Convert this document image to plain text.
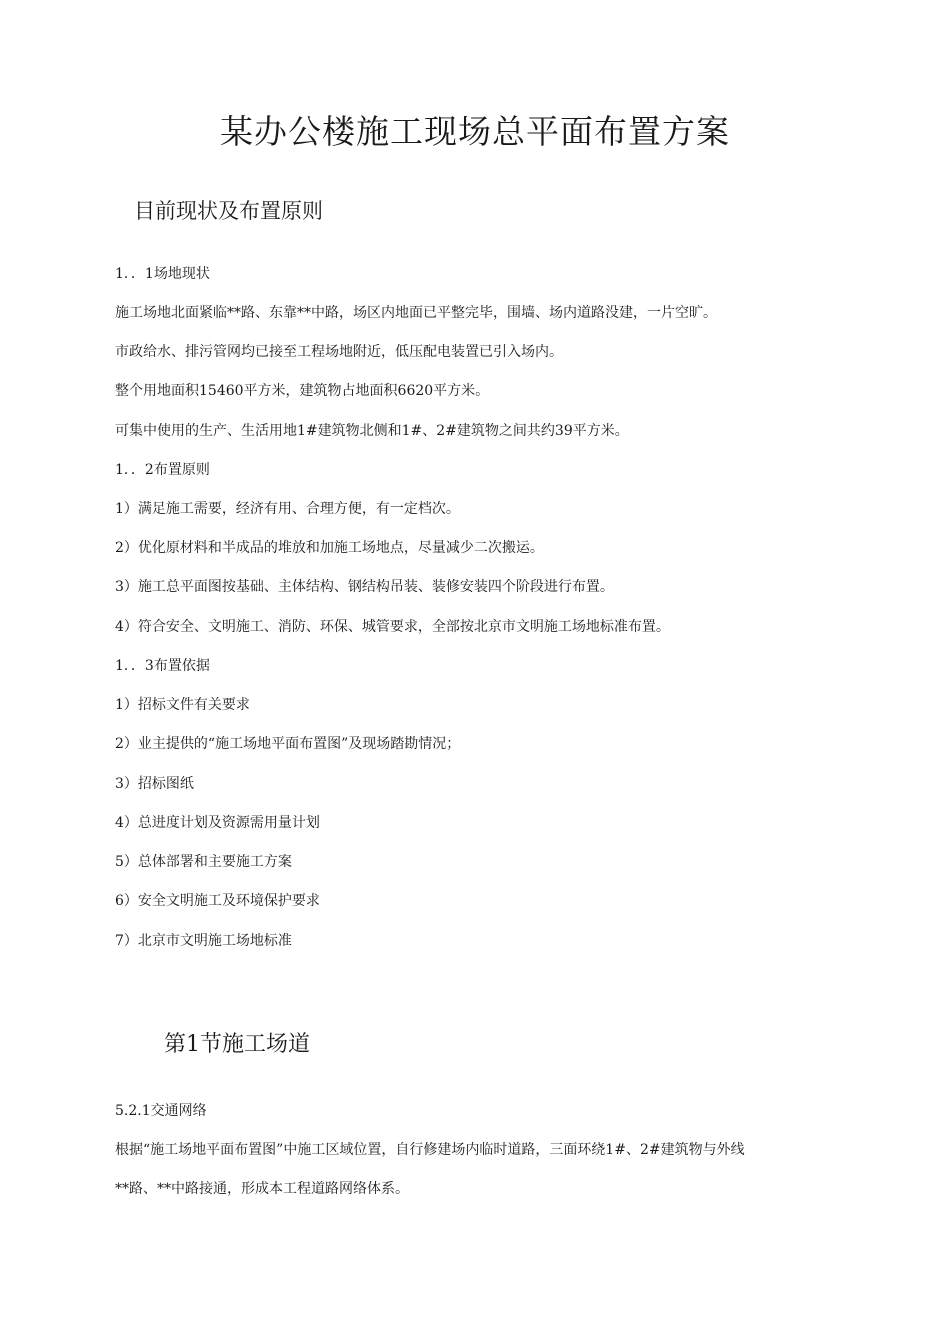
某办公楼施工现场总平面布置方案
目前现状及布置原则

1．．1场地现状

施工场地北面紧临**路、东靠**中路，场区内地面已平整完毕，围墙、场内道路没建，一片空旷。

市政给水、排污管网均已接至工程场地附近，低压配电装置已引入场内。

整个用地面积15460平方米，建筑物占地面积6620平方米。

可集中使用的生产、生活用地1#建筑物北侧和1#、2#建筑物之间共约39平方米。

1．．2布置原则

1）满足施工需要，经济有用、合理方便，有一定档次。

2）优化原材料和半成品的堆放和加施工场地点，尽量减少二次搬运。

3）施工总平面图按基础、主体结构、钢结构吊装、装修安装四个阶段进行布置。

4）符合安全、文明施工、消防、环保、城管要求，全部按北京市文明施工场地标准布置。

1．．3布置依据

1）招标文件有关要求

2）业主提供的“施工场地平面布置图”及现场踏勘情况；

3）招标图纸

4）总进度计划及资源需用量计划

5）总体部署和主要施工方案

6）安全文明施工及环境保护要求

7）北京市文明施工场地标准

第1节施工场道

5.2.1交通网络

根据“施工场地平面布置图”中施工区域位置，自行修建场内临时道路，三面环绕1#、2#建筑物与外线

**路、**中路接通，形成本工程道路网络体系。
